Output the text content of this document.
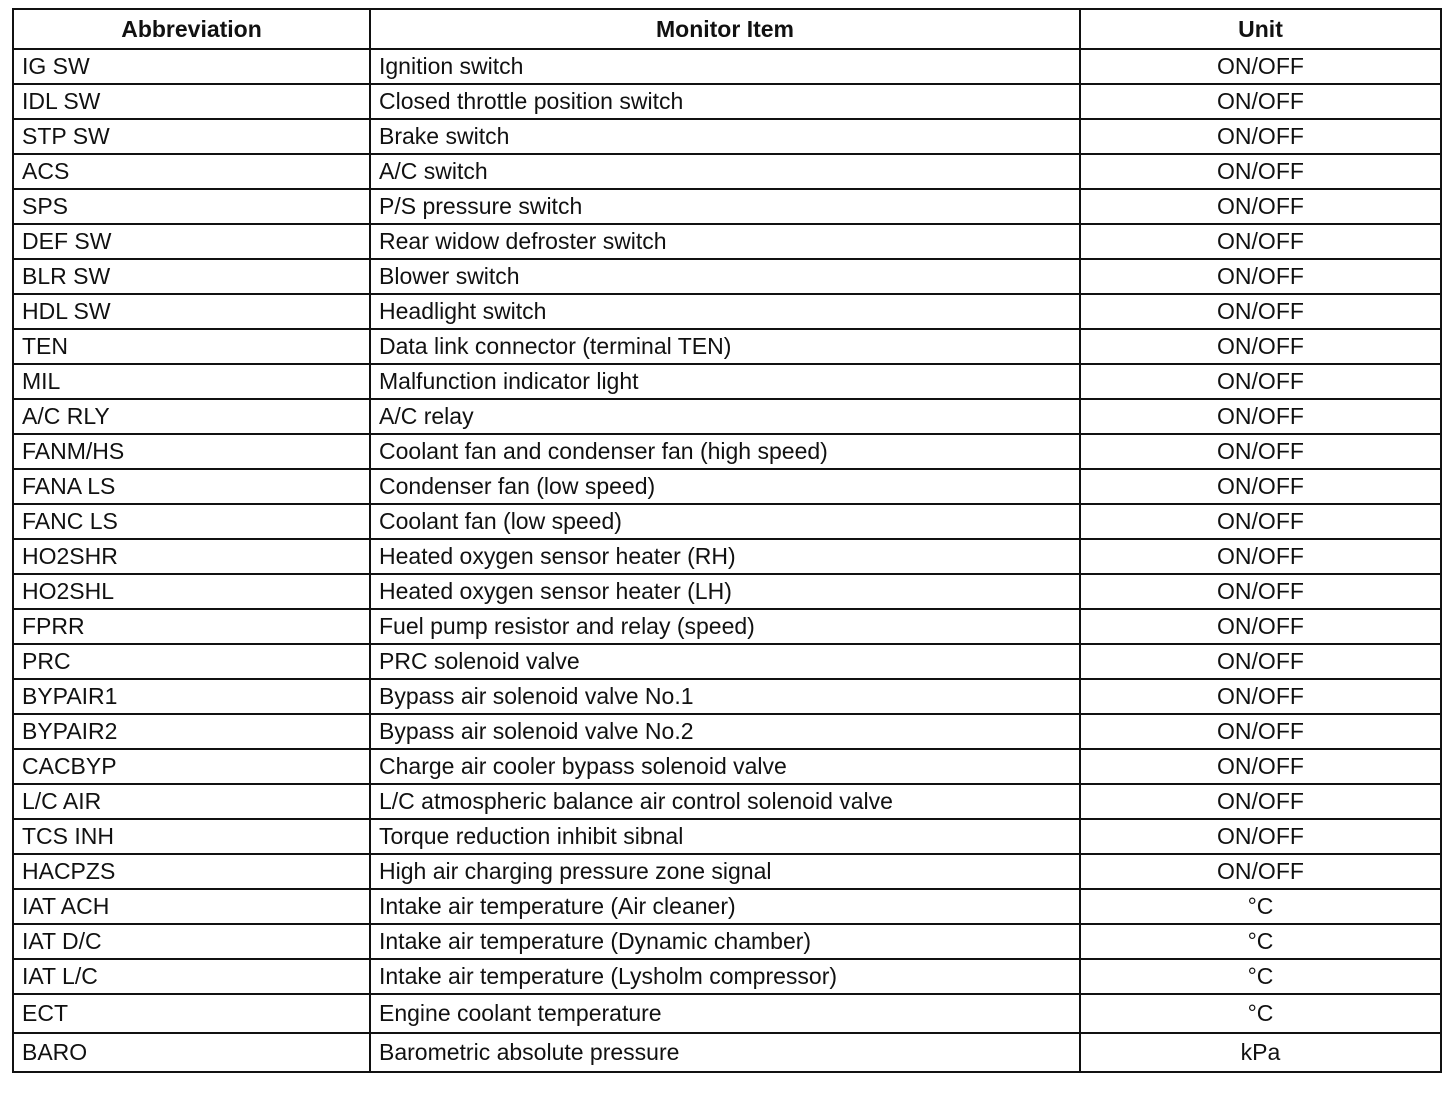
Abbreviation	Monitor Item	Unit
IG SW	Ignition switch	ON/OFF
IDL SW	Closed throttle position switch	ON/OFF
STP SW	Brake switch	ON/OFF
ACS	A/C switch	ON/OFF
SPS	P/S pressure switch	ON/OFF
DEF SW	Rear widow defroster switch	ON/OFF
BLR SW	Blower switch	ON/OFF
HDL SW	Headlight switch	ON/OFF
TEN	Data link connector (terminal TEN)	ON/OFF
MIL	Malfunction indicator light	ON/OFF
A/C RLY	A/C relay	ON/OFF
FANM/HS	Coolant fan and condenser fan (high speed)	ON/OFF
FANA LS	Condenser fan (low speed)	ON/OFF
FANC LS	Coolant fan (low speed)	ON/OFF
HO2SHR	Heated oxygen sensor heater (RH)	ON/OFF
HO2SHL	Heated oxygen sensor heater (LH)	ON/OFF
FPRR	Fuel pump resistor and relay (speed)	ON/OFF
PRC	PRC solenoid valve	ON/OFF
BYPAIR1	Bypass air solenoid valve No.1	ON/OFF
BYPAIR2	Bypass air solenoid valve No.2	ON/OFF
CACBYP	Charge air cooler bypass solenoid valve	ON/OFF
L/C AIR	L/C atmospheric balance air control solenoid valve	ON/OFF
TCS INH	Torque reduction inhibit sibnal	ON/OFF
HACPZS	High air charging pressure zone signal	ON/OFF
IAT ACH	Intake air temperature (Air cleaner)	°C
IAT D/C	Intake air temperature (Dynamic chamber)	°C
IAT L/C	Intake air temperature (Lysholm compressor)	°C
ECT	Engine coolant temperature	°C
BARO	Barometric absolute pressure	kPa
